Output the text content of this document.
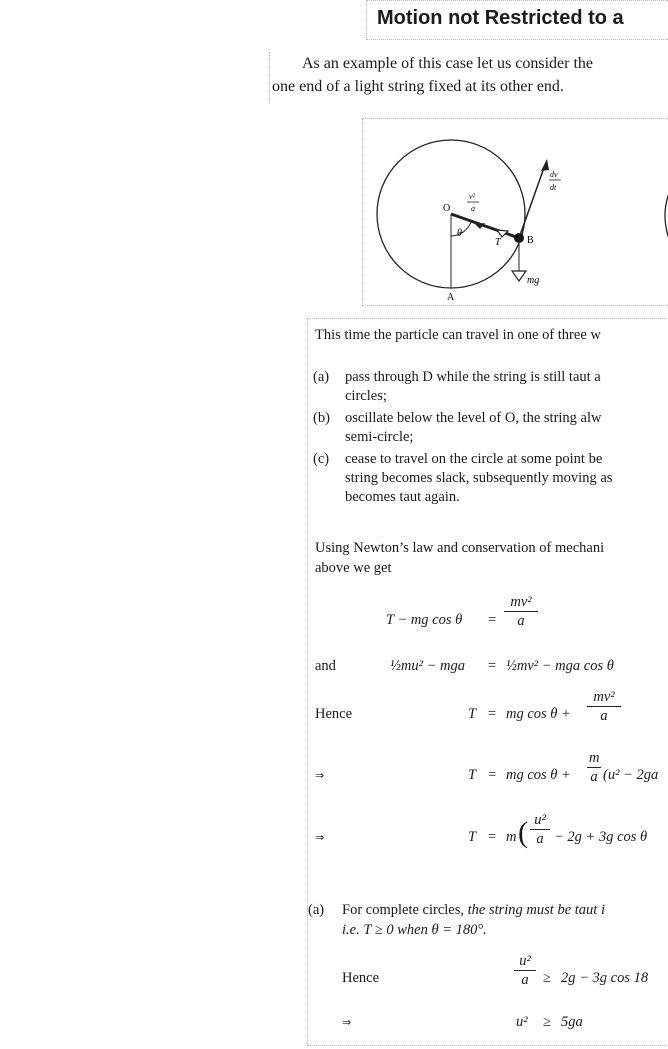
Motion not Restricted to a
As an example of this case let us consider the
one end of a light string fixed at its other end.
O
A
B
θ
T
mg
v²
a
dv
dt
This time the particle can travel in one of three w
(a) pass through D while the string is still taut a
circles;
(b) oscillate below the level of O, the string alw
semi-circle;
(c) cease to travel on the circle at some point be
string becomes slack, subsequently moving as
becomes taut again.
Using Newton’s law and conservation of mechani
above we get
T − mg $\cos \theta = \frac{\text{mv²}}{a}$
and	½mu² − mga = ½mv² − mga cos θ
Hence	T = mg $\cos \theta + \frac{\text{mv²}}{a}$
⇒	T = mg $\cos \theta + \frac{m}{a} (u^2 - 2ga$
⇒	T = m ( $\frac{\text{u²}}{a} - 2g + 3g$ cos θ
(a) For complete circles, the string must be taut i
i.e. T ≥ 0 when θ = 180°.
Hence	$\frac{\text{u²}}{a} \ge 2g - 3g$ cos 18
⇒	u² ≥ 5ga
